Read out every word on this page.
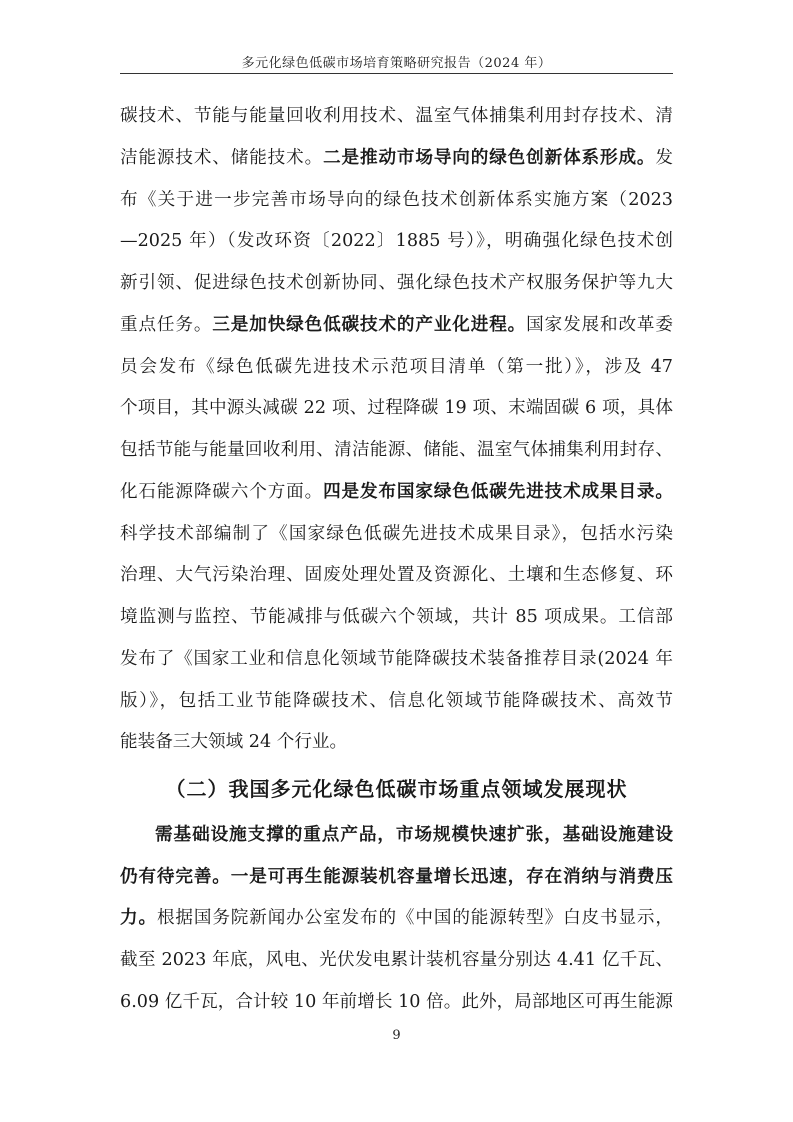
多元化绿色低碳市场培育策略研究报告（2024 年）
碳技术、节能与能量回收利用技术、温室气体捕集利用封存技术、清
洁能源技术、储能技术。二是推动市场导向的绿色创新体系形成。发
布《关于进一步完善市场导向的绿色技术创新体系实施方案（2023
—2025 年）（发改环资〔2022〕1885 号）》，明确强化绿色技术创
新引领、促进绿色技术创新协同、强化绿色技术产权服务保护等九大
重点任务。三是加快绿色低碳技术的产业化进程。国家发展和改革委
员会发布《绿色低碳先进技术示范项目清单（第一批）》，涉及 47
个项目，其中源头减碳 22 项、过程降碳 19 项、末端固碳 6 项，具体
包括节能与能量回收利用、清洁能源、储能、温室气体捕集利用封存、
化石能源降碳六个方面。四是发布国家绿色低碳先进技术成果目录。
科学技术部编制了《国家绿色低碳先进技术成果目录》，包括水污染
治理、大气污染治理、固废处理处置及资源化、土壤和生态修复、环
境监测与监控、节能减排与低碳六个领域，共计 85 项成果。工信部
发布了《国家工业和信息化领域节能降碳技术装备推荐目录(2024 年
版）》，包括工业节能降碳技术、信息化领域节能降碳技术、高效节
能装备三大领域 24 个行业。
（二）我国多元化绿色低碳市场重点领域发展现状
需基础设施支撑的重点产品，市场规模快速扩张，基础设施建设
仍有待完善。一是可再生能源装机容量增长迅速，存在消纳与消费压
力。根据国务院新闻办公室发布的《中国的能源转型》白皮书显示，
截至 2023 年底，风电、光伏发电累计装机容量分别达 4.41 亿千瓦、
6.09 亿千瓦，合计较 10 年前增长 10 倍。此外，局部地区可再生能源
9
